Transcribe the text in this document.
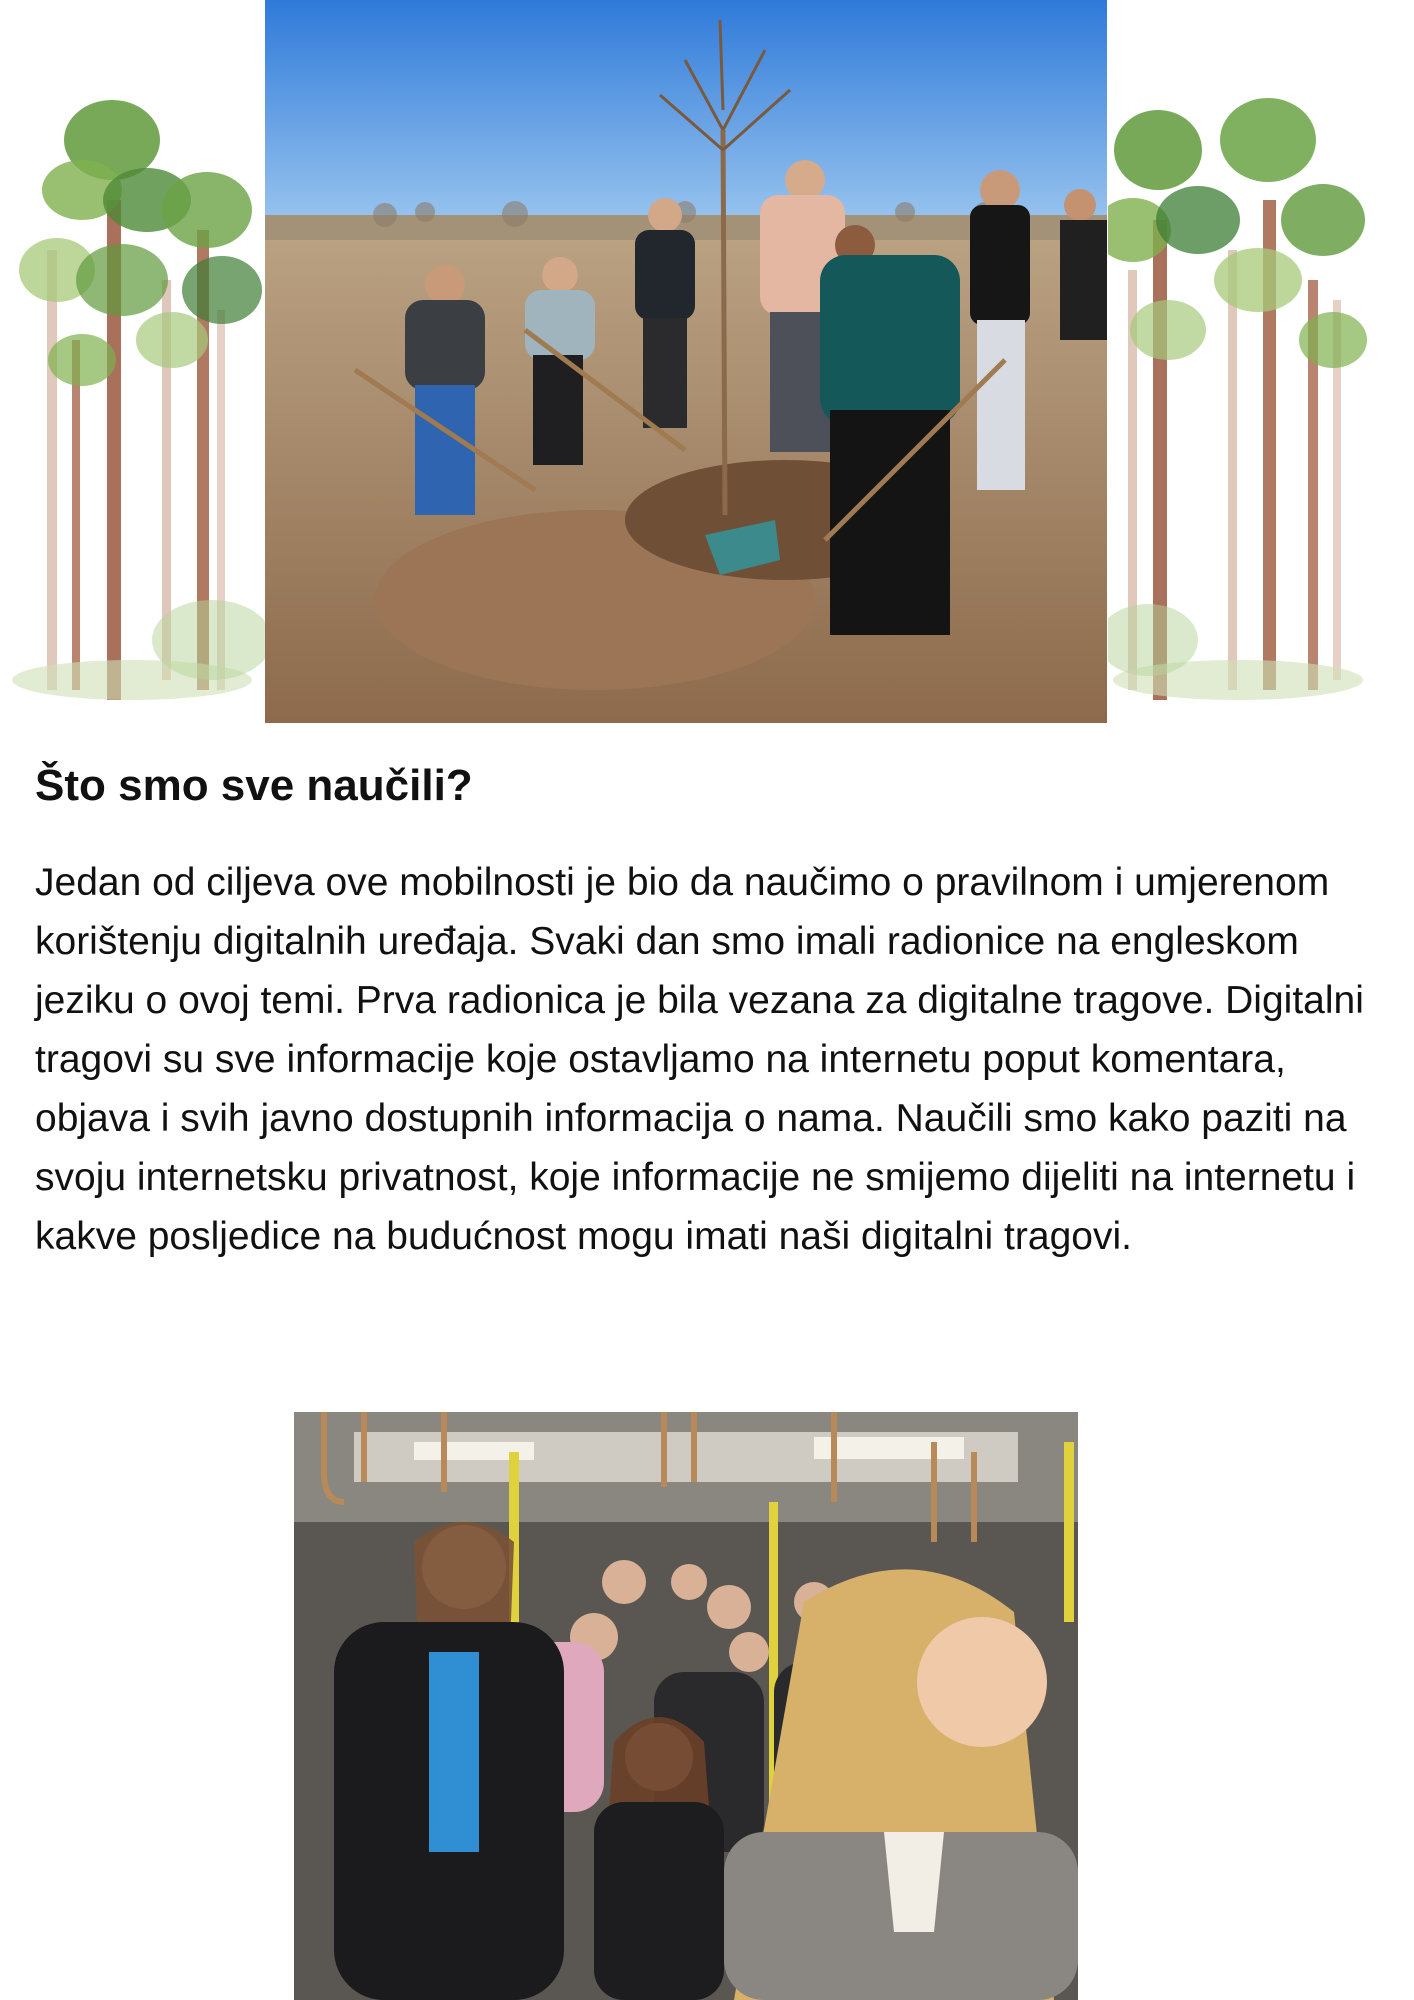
Što smo sve naučili?

Jedan od ciljeva ove mobilnosti je bio da naučimo o pravilnom i umjerenom korištenju digitalnih uređaja. Svaki dan smo imali radionice na engleskom jeziku o ovoj temi. Prva radionica je bila vezana za digitalne tragove. Digitalni tragovi su sve informacije koje ostavljamo na internetu poput komentara, objava i svih javno dostupnih informacija o nama. Naučili smo kako paziti na svoju internetsku privatnost, koje informacije ne smijemo dijeliti na internetu i kakve posljedice na budućnost mogu imati naši digitalni tragovi.
